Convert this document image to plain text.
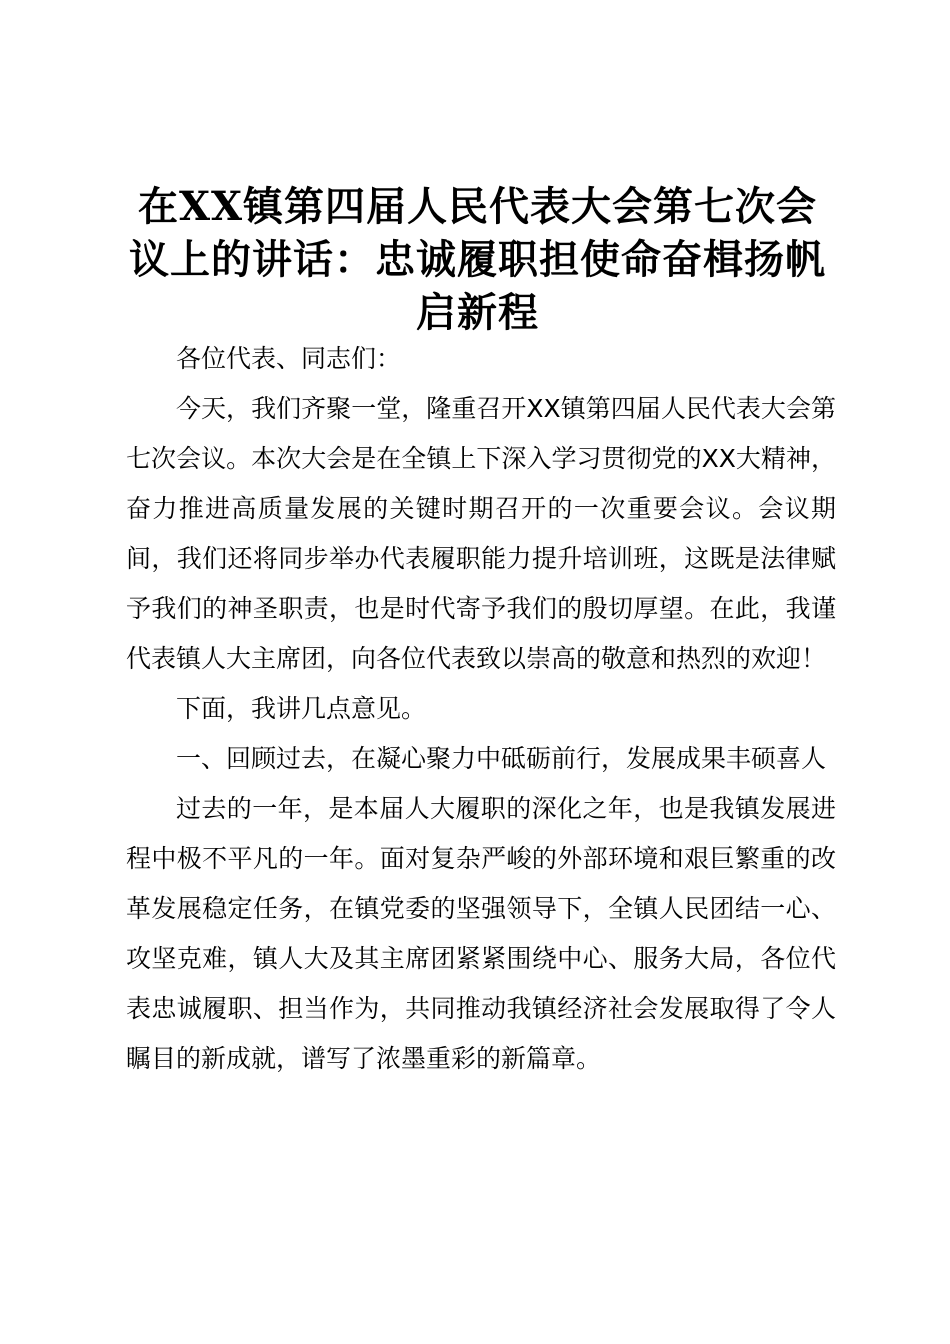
在XX镇第四届人民代表大会第七次会议上的讲话：忠诚履职担使命奋楫扬帆启新程

各位代表、同志们：

今天，我们齐聚一堂，隆重召开XX镇第四届人民代表大会第七次会议。本次大会是在全镇上下深入学习贯彻党的XX大精神，奋力推进高质量发展的关键时期召开的一次重要会议。会议期间，我们还将同步举办代表履职能力提升培训班，这既是法律赋予我们的神圣职责，也是时代寄予我们的殷切厚望。在此，我谨代表镇人大主席团，向各位代表致以崇高的敬意和热烈的欢迎！

下面，我讲几点意见。

一、回顾过去，在凝心聚力中砥砺前行，发展成果丰硕喜人

过去的一年，是本届人大履职的深化之年，也是我镇发展进程中极不平凡的一年。面对复杂严峻的外部环境和艰巨繁重的改革发展稳定任务，在镇党委的坚强领导下，全镇人民团结一心、攻坚克难，镇人大及其主席团紧紧围绕中心、服务大局，各位代表忠诚履职、担当作为，共同推动我镇经济社会发展取得了令人瞩目的新成就，谱写了浓墨重彩的新篇章。
